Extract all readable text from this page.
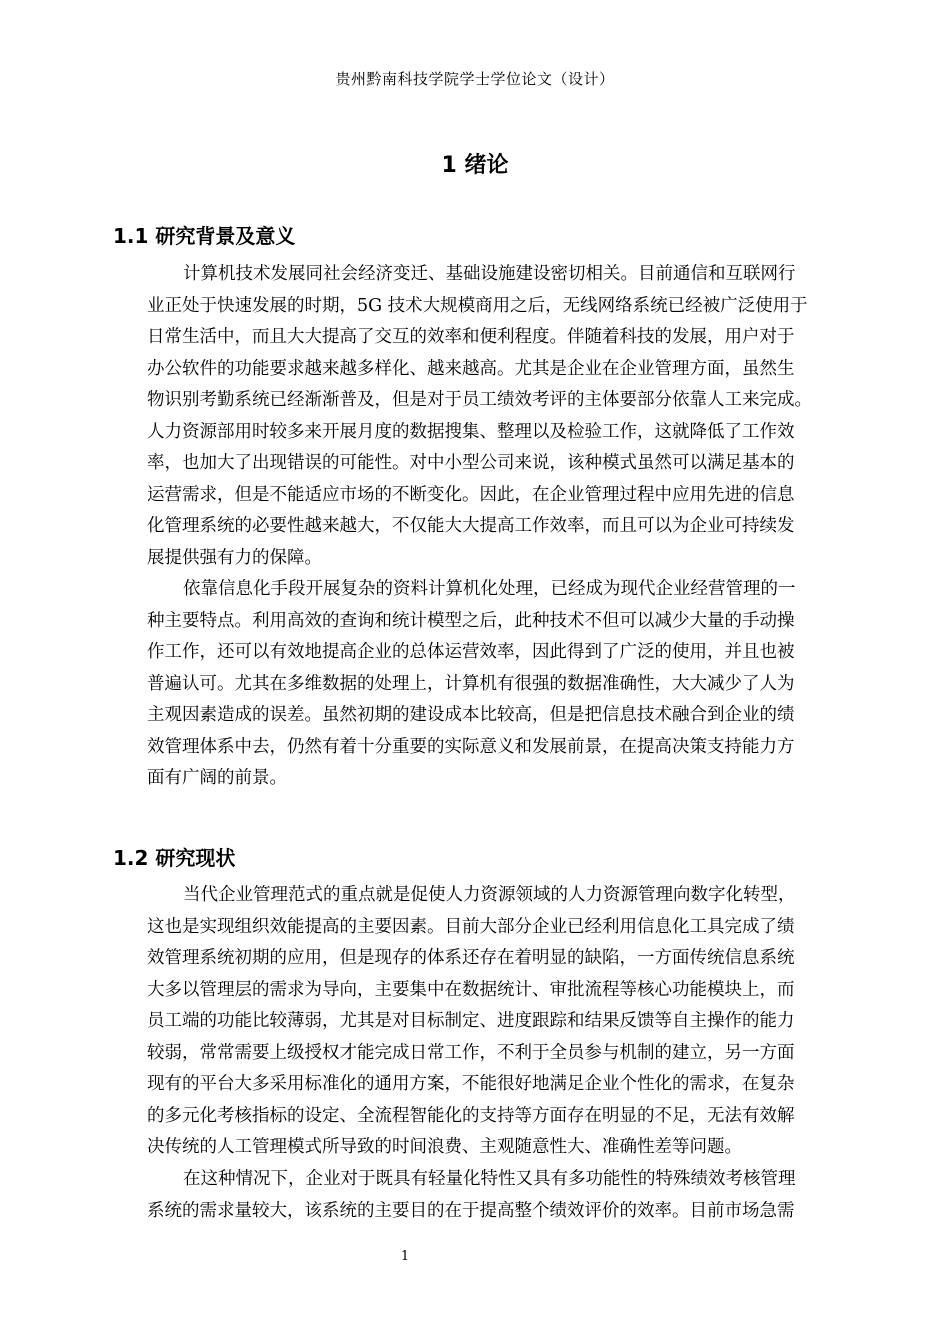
贵州黔南科技学院学士学位论文（设计）
1 绪论
1.1 研究背景及意义
计算机技术发展同社会经济变迁、基础设施建设密切相关。目前通信和互联网行
业正处于快速发展的时期，5G 技术大规模商用之后，无线网络系统已经被广泛使用于
日常生活中，而且大大提高了交互的效率和便利程度。伴随着科技的发展，用户对于
办公软件的功能要求越来越多样化、越来越高。尤其是企业在企业管理方面，虽然生
物识别考勤系统已经渐渐普及，但是对于员工绩效考评的主体要部分依靠人工来完成。
人力资源部用时较多来开展月度的数据搜集、整理以及检验工作，这就降低了工作效
率，也加大了出现错误的可能性。对中小型公司来说，该种模式虽然可以满足基本的
运营需求，但是不能适应市场的不断变化。因此，在企业管理过程中应用先进的信息
化管理系统的必要性越来越大，不仅能大大提高工作效率，而且可以为企业可持续发
展提供强有力的保障。
依靠信息化手段开展复杂的资料计算机化处理，已经成为现代企业经营管理的一
种主要特点。利用高效的查询和统计模型之后，此种技术不但可以减少大量的手动操
作工作，还可以有效地提高企业的总体运营效率，因此得到了广泛的使用，并且也被
普遍认可。尤其在多维数据的处理上，计算机有很强的数据准确性，大大减少了人为
主观因素造成的误差。虽然初期的建设成本比较高，但是把信息技术融合到企业的绩
效管理体系中去，仍然有着十分重要的实际意义和发展前景，在提高决策支持能力方
面有广阔的前景。
1.2 研究现状
当代企业管理范式的重点就是促使人力资源领域的人力资源管理向数字化转型，
这也是实现组织效能提高的主要因素。目前大部分企业已经利用信息化工具完成了绩
效管理系统初期的应用，但是现存的体系还存在着明显的缺陷，一方面传统信息系统
大多以管理层的需求为导向，主要集中在数据统计、审批流程等核心功能模块上，而
员工端的功能比较薄弱，尤其是对目标制定、进度跟踪和结果反馈等自主操作的能力
较弱，常常需要上级授权才能完成日常工作，不利于全员参与机制的建立，另一方面
现有的平台大多采用标准化的通用方案，不能很好地满足企业个性化的需求，在复杂
的多元化考核指标的设定、全流程智能化的支持等方面存在明显的不足，无法有效解
决传统的人工管理模式所导致的时间浪费、主观随意性大、准确性差等问题。
在这种情况下，企业对于既具有轻量化特性又具有多功能性的特殊绩效考核管理
系统的需求量较大，该系统的主要目的在于提高整个绩效评价的效率。目前市场急需
1
